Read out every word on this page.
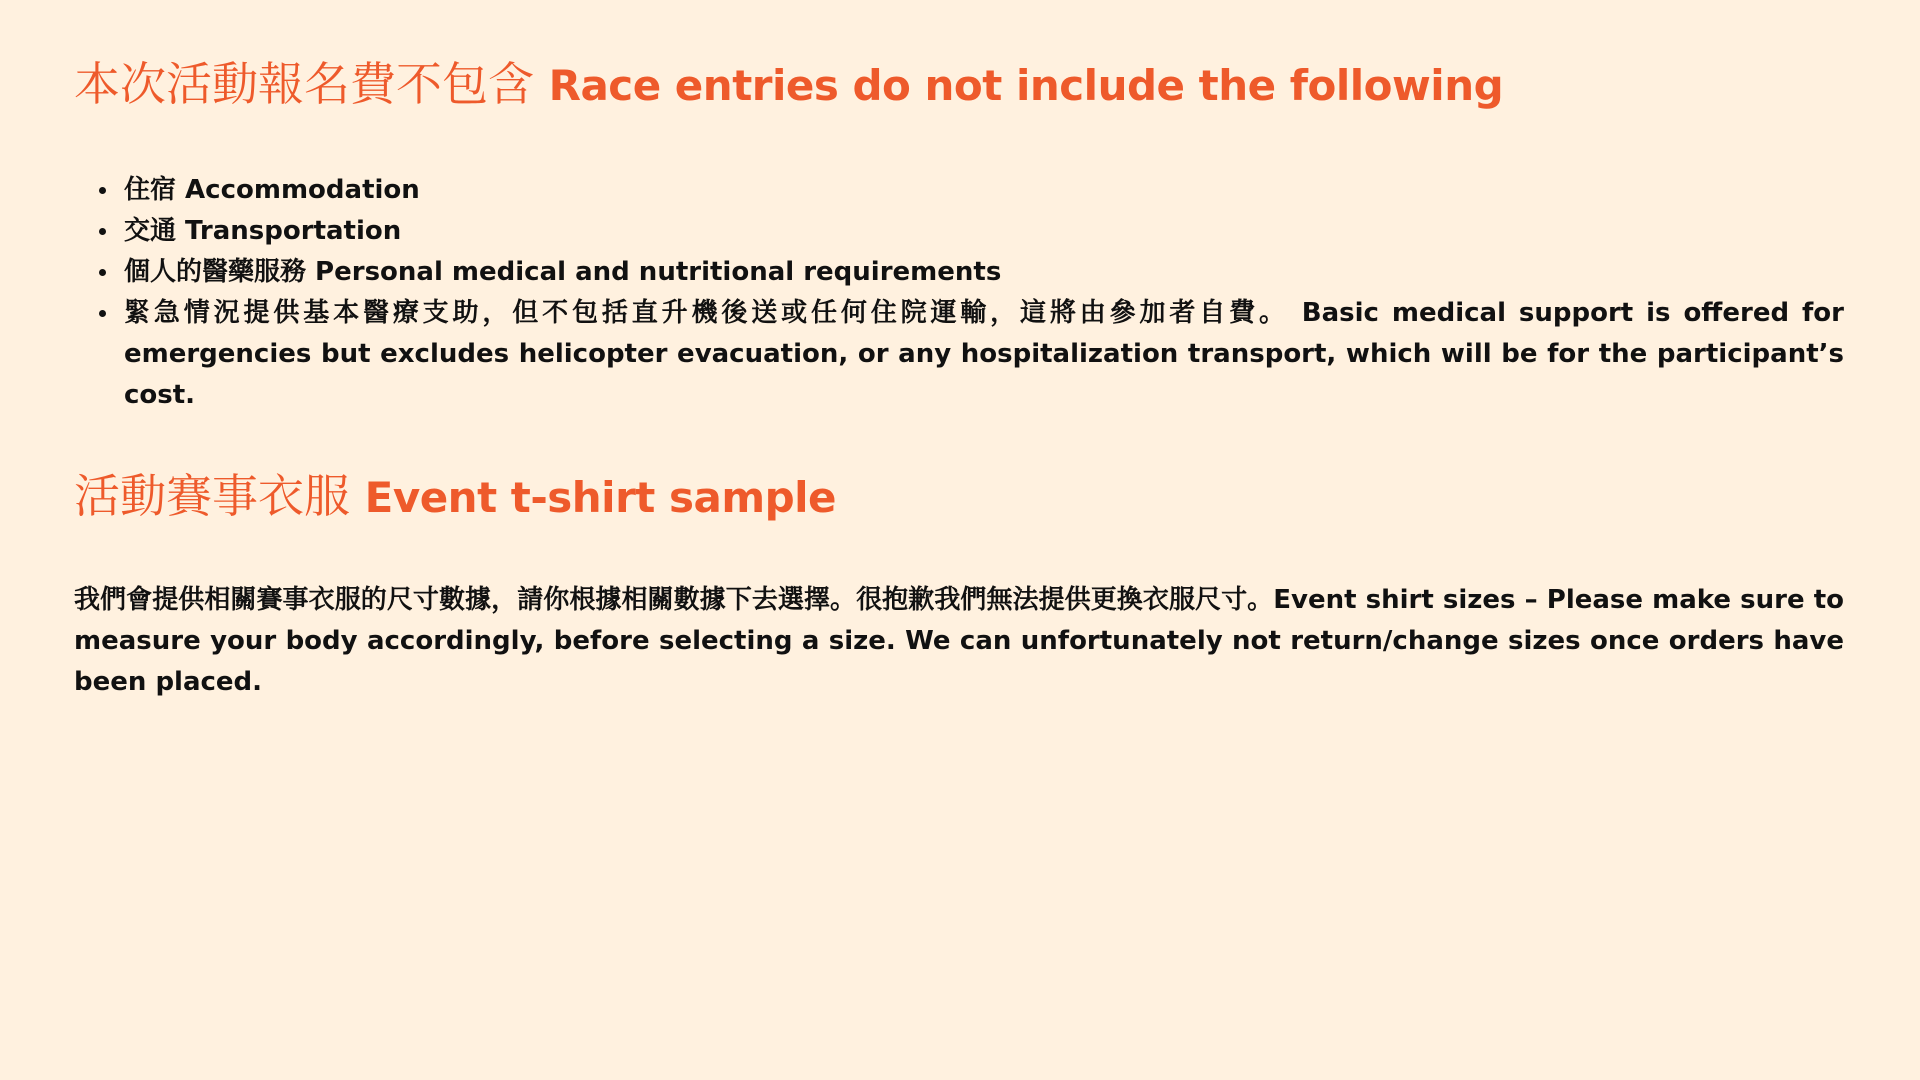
本次活動報名費不包含 Race entries do not include the following
住宿 Accommodation
交通 Transportation
個人的醫藥服務 Personal medical and nutritional requirements
緊急情況提供基本醫療支助，但不包括直升機後送或任何住院運輸，這將由參加者自費。 Basic medical support is offered for emergencies but excludes helicopter evacuation, or any hospitalization transport, which will be for the participant’s cost.
活動賽事衣服 Event t-shirt sample

我們會提供相關賽事衣服的尺寸數據，請你根據相關數據下去選擇。很抱歉我們無法提供更換衣服尺寸。Event shirt sizes – Please make sure to measure your body accordingly, before selecting a size. We can unfortunately not return/change sizes once orders have been placed.
